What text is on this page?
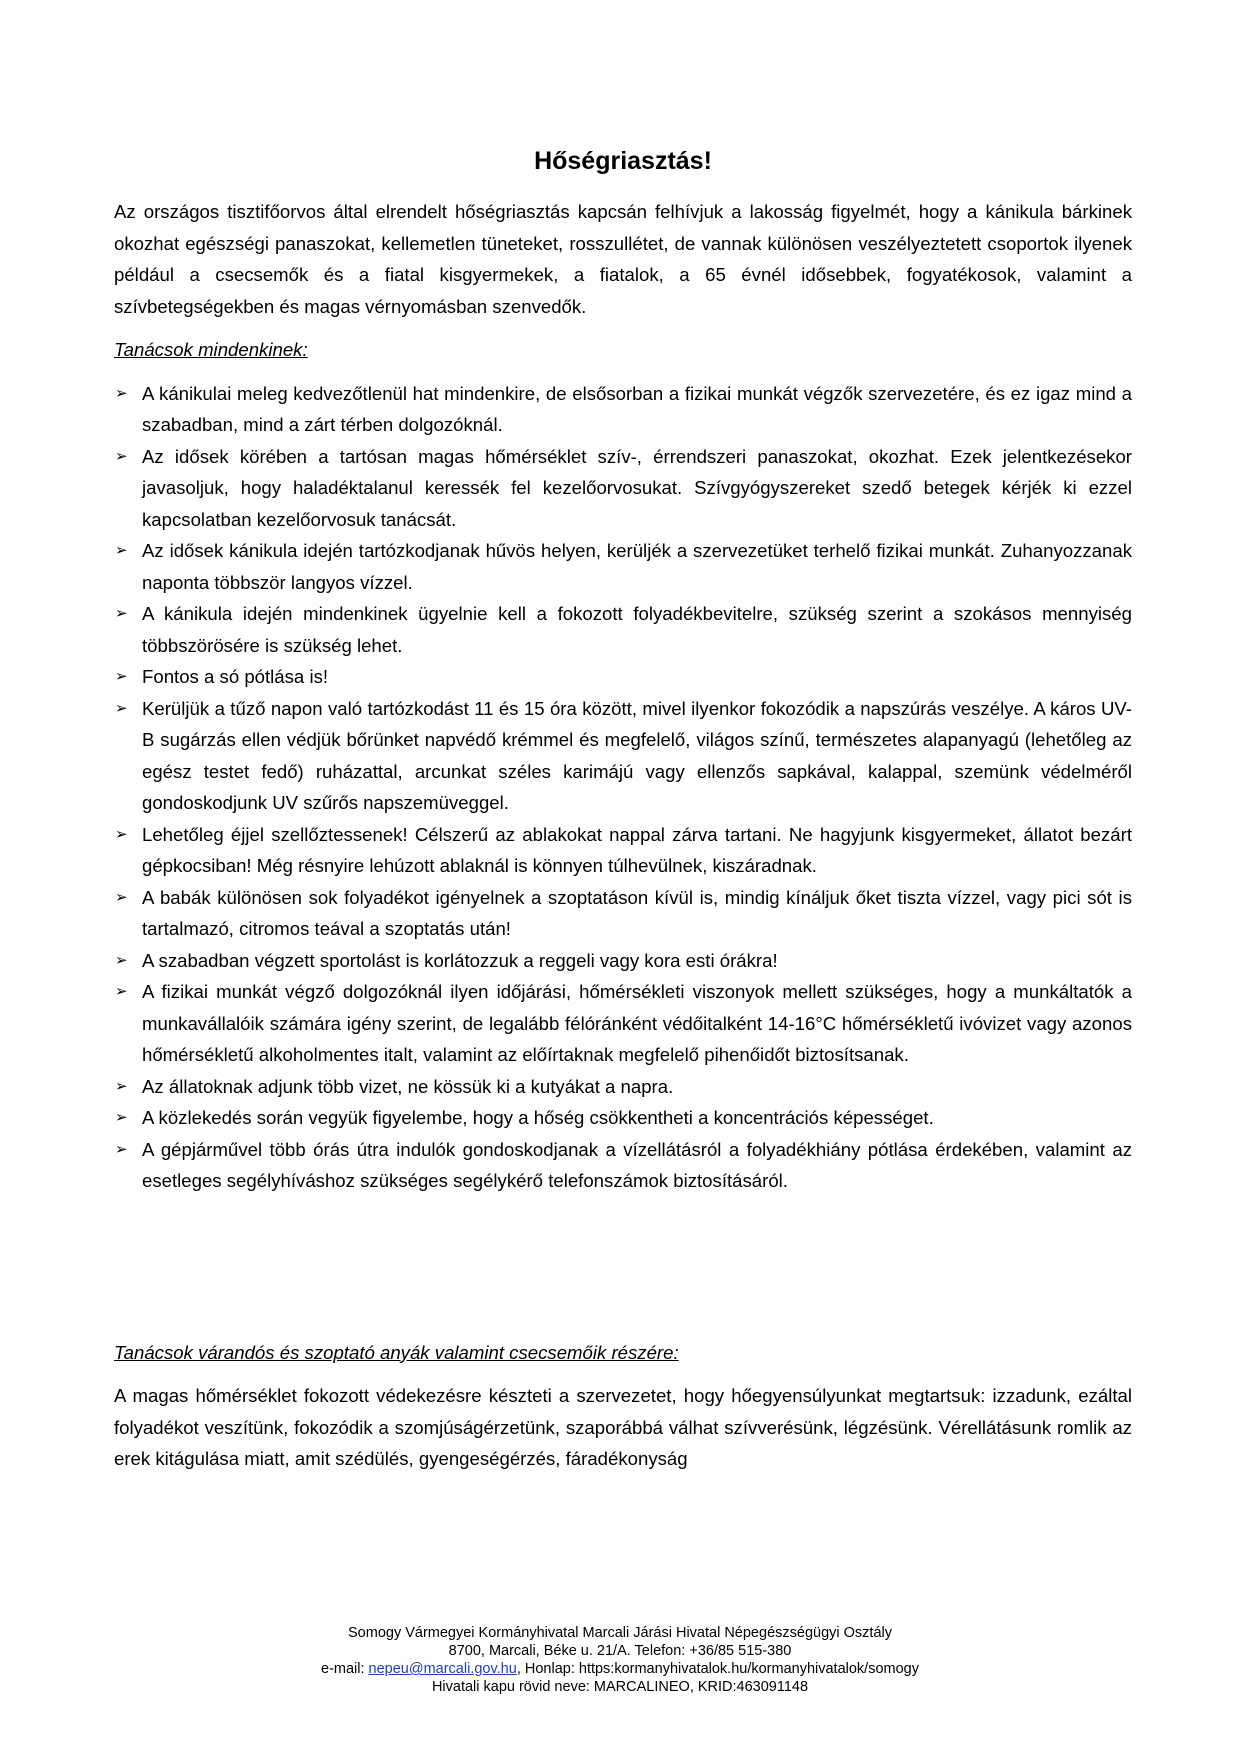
Hőségriasztás!

Az országos tisztifőorvos által elrendelt hőségriasztás kapcsán felhívjuk a lakosság figyelmét, hogy a kánikula bárkinek okozhat egészségi panaszokat, kellemetlen tüneteket, rosszullétet, de vannak különösen veszélyeztetett csoportok ilyenek például a csecsemők és a fiatal kisgyermekek, a fiatalok, a 65 évnél idősebbek, fogyatékosok, valamint a szívbetegségekben és magas vérnyomásban szenvedők.

Tanácsok mindenkinek:
➢ A kánikulai meleg kedvezőtlenül hat mindenkire, de elsősorban a fizikai munkát végzők szervezetére, és ez igaz mind a szabadban, mind a zárt térben dolgozóknál.
➢ Az idősek körében a tartósan magas hőmérséklet szív-, érrendszeri panaszokat, okozhat. Ezek jelentkezésekor javasoljuk, hogy haladéktalanul keressék fel kezelőorvosukat. Szívgyógyszereket szedő betegek kérjék ki ezzel kapcsolatban kezelőorvosuk tanácsát.
➢ Az idősek kánikula idején tartózkodjanak hűvös helyen, kerüljék a szervezetüket terhelő fizikai munkát. Zuhanyozzanak naponta többször langyos vízzel.
➢ A kánikula idején mindenkinek ügyelnie kell a fokozott folyadékbevitelre, szükség szerint a szokásos mennyiség többszörösére is szükség lehet.
➢ Fontos a só pótlása is!
➢ Kerüljük a tűző napon való tartózkodást 11 és 15 óra között, mivel ilyenkor fokozódik a napszúrás veszélye. A káros UV-B sugárzás ellen védjük bőrünket napvédő krémmel és megfelelő, világos színű, természetes alapanyagú (lehetőleg az egész testet fedő) ruházattal, arcunkat széles karimájú vagy ellenzős sapkával, kalappal, szemünk védelméről gondoskodjunk UV szűrős napszemüveggel.
➢ Lehetőleg éjjel szellőztessenek! Célszerű az ablakokat nappal zárva tartani. Ne hagyjunk kisgyermeket, állatot bezárt gépkocsiban! Még résnyire lehúzott ablaknál is könnyen túlhevülnek, kiszáradnak.
➢ A babák különösen sok folyadékot igényelnek a szoptatáson kívül is, mindig kínáljuk őket tiszta vízzel, vagy pici sót is tartalmazó, citromos teával a szoptatás után!
➢ A szabadban végzett sportolást is korlátozzuk a reggeli vagy kora esti órákra!
➢ A fizikai munkát végző dolgozóknál ilyen időjárási, hőmérsékleti viszonyok mellett szükséges, hogy a munkáltatók a munkavállalóik számára igény szerint, de legalább félóránként védőitalként 14-16°C hőmérsékletű ivóvizet vagy azonos hőmérsékletű alkoholmentes italt, valamint az előírtaknak megfelelő pihenőidőt biztosítsanak.
➢ Az állatoknak adjunk több vizet, ne kössük ki a kutyákat a napra.
➢ A közlekedés során vegyük figyelembe, hogy a hőség csökkentheti a koncentrációs képességet.
➢ A gépjárművel több órás útra indulók gondoskodjanak a vízellátásról a folyadékhiány pótlása érdekében, valamint az esetleges segélyhíváshoz szükséges segélykérő telefonszámok biztosításáról.
Tanácsok várandós és szoptató anyák valamint csecsemőik részére:

A magas hőmérséklet fokozott védekezésre készteti a szervezetet, hogy hőegyensúlyunkat megtartsuk: izzadunk, ezáltal folyadékot veszítünk, fokozódik a szomjúságérzetünk, szaporábbá válhat szívverésünk, légzésünk. Vérellátásunk romlik az erek kitágulása miatt, amit szédülés, gyengeségérzés, fáradékonyság

Somogy Vármegyei Kormányhivatal Marcali Járási Hivatal Népegészségügyi Osztály
8700, Marcali, Béke u. 21/A. Telefon: +36/85 515-380
e-mail: nepeu@marcali.gov.hu, Honlap: https:kormanyhivatalok.hu/kormanyhivatalok/somogy
Hivatali kapu rövid neve: MARCALINEO, KRID:463091148
